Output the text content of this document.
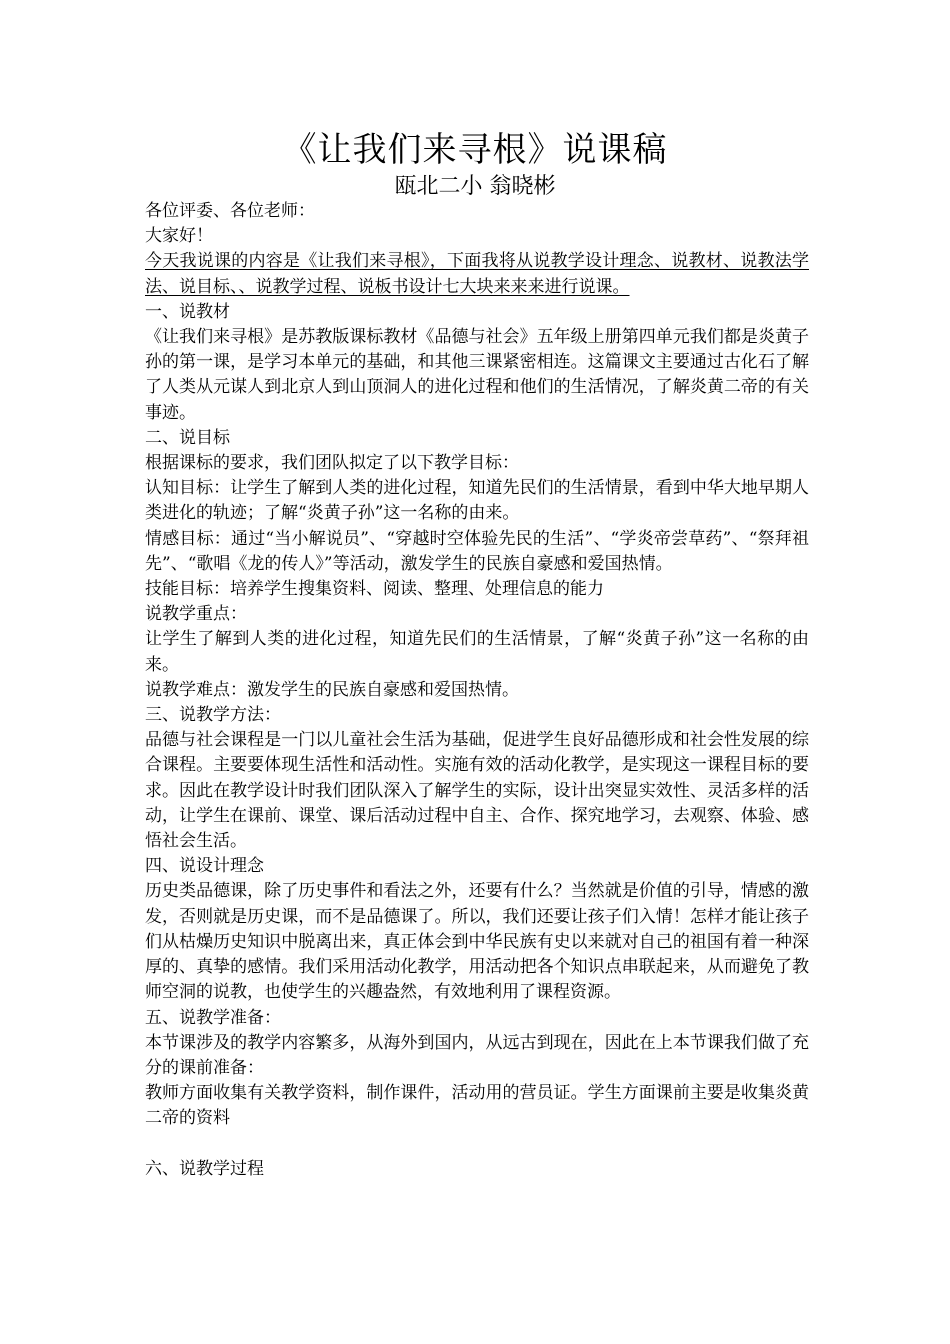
《让我们来寻根》说课稿
瓯北二小 翁晓彬

各位评委、各位老师：

大家好！

今天我说课的内容是《让我们来寻根》，下面我将从说教学设计理念、说教材、说教法学法、说目标、、说教学过程、说板书设计七大块来来来进行说课。

一、说教材

《让我们来寻根》是苏教版课标教材《品德与社会》五年级上册第四单元我们都是炎黄子孙的第一课，是学习本单元的基础，和其他三课紧密相连。这篇课文主要通过古化石了解了人类从元谋人到北京人到山顶洞人的进化过程和他们的生活情况，了解炎黄二帝的有关事迹。

二、说目标

根据课标的要求，我们团队拟定了以下教学目标：

认知目标：让学生了解到人类的进化过程，知道先民们的生活情景，看到中华大地早期人类进化的轨迹；了解“炎黄子孙”这一名称的由来。

情感目标：通过“当小解说员”、“穿越时空体验先民的生活”、“学炎帝尝草药”、“祭拜祖先”、“歌唱《龙的传人》”等活动，激发学生的民族自豪感和爱国热情。

技能目标：培养学生搜集资料、阅读、整理、处理信息的能力

说教学重点：

让学生了解到人类的进化过程，知道先民们的生活情景，了解“炎黄子孙”这一名称的由来。

说教学难点：激发学生的民族自豪感和爱国热情。

三、说教学方法：

品德与社会课程是一门以儿童社会生活为基础，促进学生良好品德形成和社会性发展的综合课程。主要要体现生活性和活动性。实施有效的活动化教学，是实现这一课程目标的要求。因此在教学设计时我们团队深入了解学生的实际，设计出突显实效性、灵活多样的活动，让学生在课前、课堂、课后活动过程中自主、合作、探究地学习，去观察、体验、感悟社会生活。

四、说设计理念

历史类品德课，除了历史事件和看法之外，还要有什么？当然就是价值的引导，情感的激发，否则就是历史课，而不是品德课了。所以，我们还要让孩子们入情！怎样才能让孩子们从枯燥历史知识中脱离出来，真正体会到中华民族有史以来就对自己的祖国有着一种深厚的、真挚的感情。我们采用活动化教学，用活动把各个知识点串联起来，从而避免了教师空洞的说教，也使学生的兴趣盎然，有效地利用了课程资源。

五、说教学准备：

本节课涉及的教学内容繁多，从海外到国内，从远古到现在，因此在上本节课我们做了充分的课前准备：

教师方面收集有关教学资料，制作课件，活动用的营员证。学生方面课前主要是收集炎黄二帝的资料

六、说教学过程
